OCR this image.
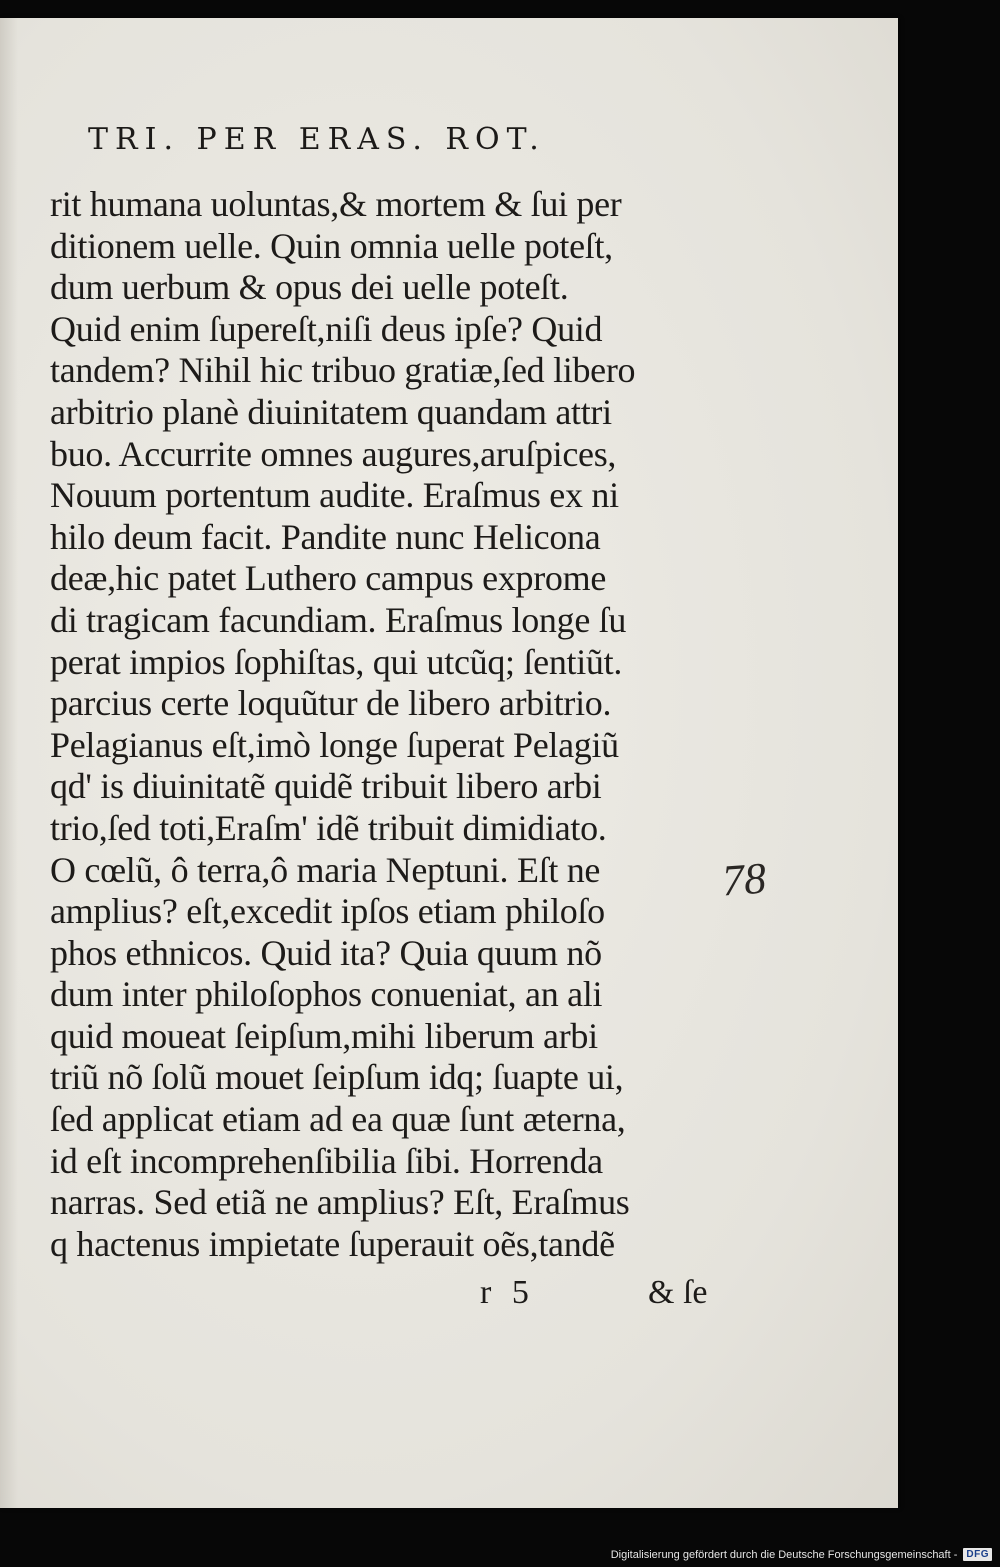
TRI. PER ERAS. ROT.
rit humana uoluntas,& mortem & ſui per
ditionem uelle. Quin omnia uelle poteſt,
dum uerbum & opus dei uelle poteſt.
Quid enim ſupereſt,niſi deus ipſe? Quid
tandem? Nihil hic tribuo gratiæ,ſed libero
arbitrio planè diuinitatem quandam attri
buo. Accurrite omnes augures,aruſpices,
Nouum portentum audite. Eraſmus ex ni
hilo deum facit. Pandite nunc Helicona
deæ,hic patet Luthero campus exprome
di tragicam facundiam. Eraſmus longe ſu
perat impios ſophiſtas, qui utcũq; ſentiũt.
parcius certe loquũtur de libero arbitrio.
Pelagianus eſt,imò longe ſuperat Pelagiũ
qd' is diuinitatẽ quidẽ tribuit libero arbi
trio,ſed toti,Eraſm' idẽ tribuit dimidiato.
O cœlũ, ô terra,ô maria Neptuni. Eſt ne
amplius? eſt,excedit ipſos etiam philoſo
phos ethnicos. Quid ita? Quia quum nõ
dum inter philoſophos conueniat, an ali
quid moueat ſeipſum,mihi liberum arbi
triũ nõ ſolũ mouet ſeipſum idq; ſuapte ui,
ſed applicat etiam ad ea quæ ſunt æterna,
id eſt incomprehenſibilia ſibi. Horrenda
narras. Sed etiã ne amplius? Eſt, Eraſmus
q hactenus impietate ſuperauit oẽs,tandẽ
78
r 5	& ſe
Digitalisierung gefördert durch die Deutsche Forschungsgemeinschaft - DFG
